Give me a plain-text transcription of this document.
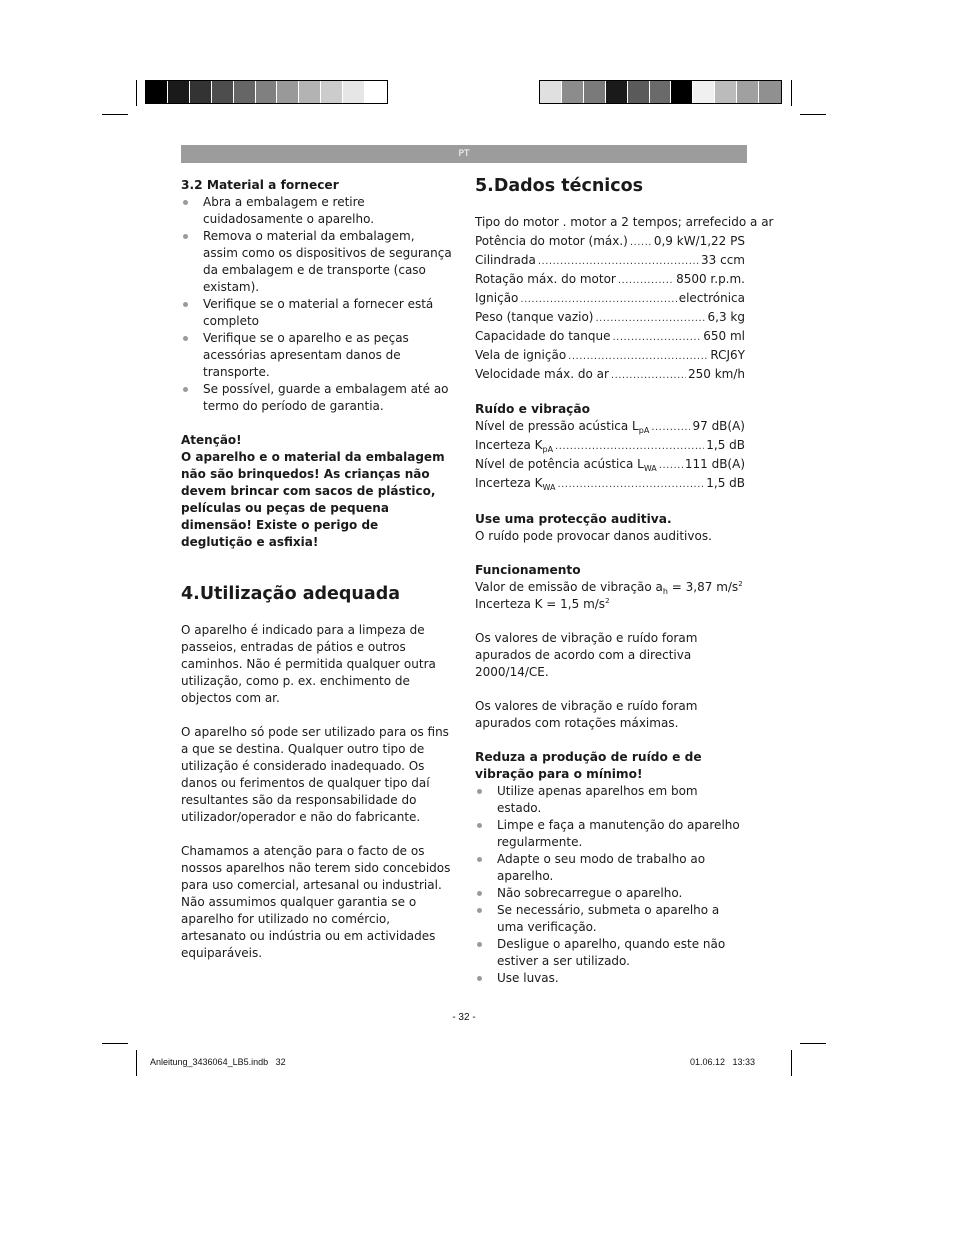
PT
3.2 Material a fornecer
Abra a embalagem e retire cuidadosamente o aparelho.
Remova o material da embalagem, assim como os dispositivos de segurança da embalagem e de transporte (caso existam).
Verifique se o material a fornecer está completo
Verifique se o aparelho e as peças acessórias apresentam danos de transporte.
Se possível, guarde a embalagem até ao termo do período de garantia.
Atenção!
O aparelho e o material da embalagem não são brinquedos! As crianças não devem brincar com sacos de plástico, películas ou peças de pequena dimensão! Existe o perigo de deglutição e asfixia!
4.Utilização adequada

O aparelho é indicado para a limpeza de passeios, entradas de pátios e outros caminhos. Não é permitida qualquer outra utilização, como p. ex. enchimento de objectos com ar.

O aparelho só pode ser utilizado para os fins a que se destina. Qualquer outro tipo de utilização é considerado inadequado. Os danos ou ferimentos de qualquer tipo daí resultantes são da responsabilidade do utilizador/operador e não do fabricante.

Chamamos a atenção para o facto de os nossos aparelhos não terem sido concebidos para uso comercial, artesanal ou industrial. Não assumimos qualquer garantia se o aparelho for utilizado no comércio, artesanato ou indústria ou em actividades equiparáveis.

5.Dados técnicos
Tipo do motor . motor a 2 tempos; arrefecido a ar
Potência do motor (máx.) ..... 0,9 kW/1,22 PS
Cilindrada .....	33 ccm
Rotação máx. do motor .....	8500 r.p.m.
Ignição .....	electrónica
Peso (tanque vazio) .....	6,3 kg
Capacidade do tanque .....	650 ml
Vela de ignição .....	RCJ6Y
Velocidade máx. do ar .....	250 km/h
Ruído e vibração
Nível de pressão acústica $L_{pA}$ .....	97 dB(A)
Incerteza $K_{pA}$ .....	1,5 dB
Nível de potência acústica $L_{WA}$ ..... 111 dB(A)
Incerteza $K_{WA}$ .....	1,5 dB
Use uma protecção auditiva.

O ruído pode provocar danos auditivos.

Funcionamento

Valor de emissão de vibração $a_h = 3,87$ $m/s^2$

Incerteza K = 1,5 $m/s^2$

Os valores de vibração e ruído foram apurados de acordo com a directiva 2000/14/CE.

Os valores de vibração e ruído foram apurados com rotações máximas.

Reduza a produção de ruído e de vibração para o mínimo!
Utilize apenas aparelhos em bom estado.
Limpe e faça a manutenção do aparelho regularmente.
Adapte o seu modo de trabalho ao aparelho.
Não sobrecarregue o aparelho.
Se necessário, submeta o aparelho a uma verificação.
Desligue o aparelho, quando este não estiver a ser utilizado.
Use luvas.
- 32 -
Anleitung_3436064_LB5.indb   32	01.06.12   13:33
